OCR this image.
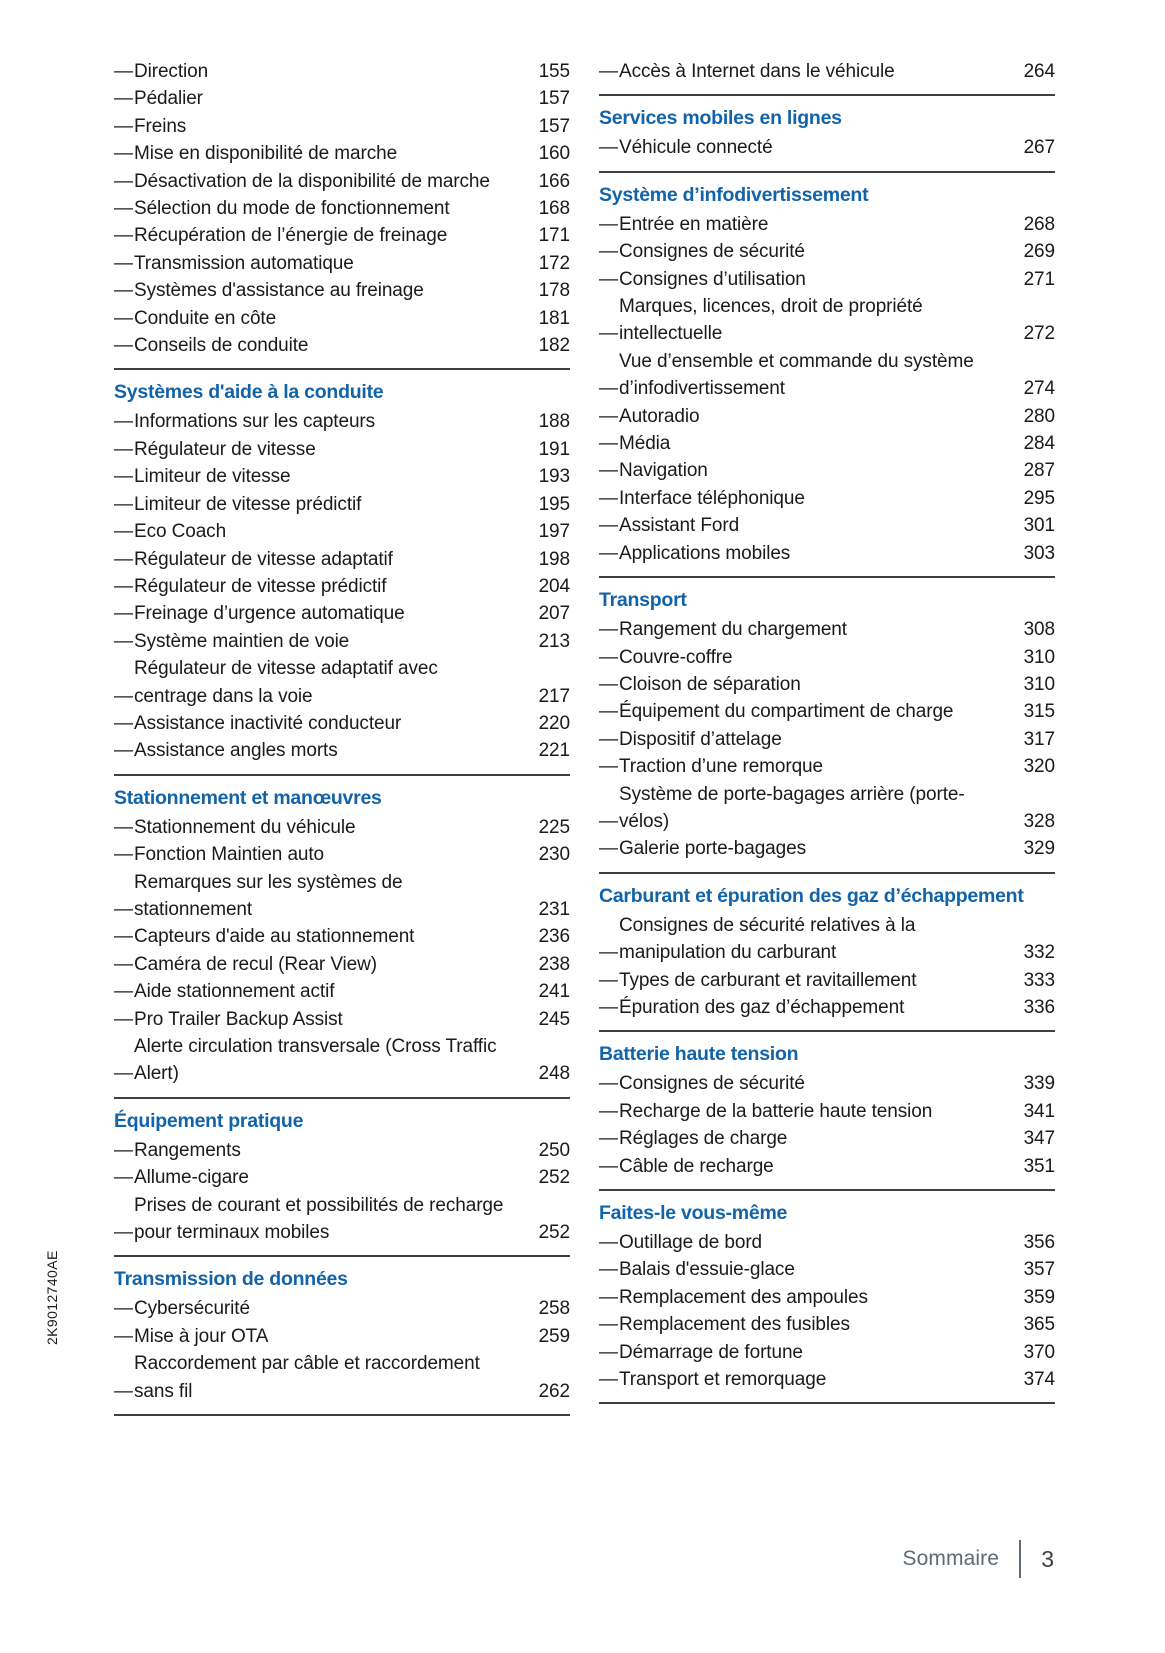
2K9012740AE
— Direction	155
— Pédalier	157
— Freins	157
— Mise en disponibilité de marche	160
— Désactivation de la disponibilité de marche	166
— Sélection du mode de fonctionnement	168
— Récupération de l’énergie de freinage	171
— Transmission automatique	172
— Systèmes d'assistance au freinage	178
— Conduite en côte	181
— Conseils de conduite	182
Systèmes d'aide à la conduite
— Informations sur les capteurs	188
— Régulateur de vitesse	191
— Limiteur de vitesse	193
— Limiteur de vitesse prédictif	195
— Eco Coach	197
— Régulateur de vitesse adaptatif	198
— Régulateur de vitesse prédictif	204
— Freinage d’urgence automatique	207
— Système maintien de voie	213
—
Régulateur de vitesse adaptatif avec centrage dans la voie	217
— Assistance inactivité conducteur	220
— Assistance angles morts	221
Stationnement et manœuvres
— Stationnement du véhicule	225
— Fonction Maintien auto	230
—
Remarques sur les systèmes de stationnement	231
— Capteurs d'aide au stationnement	236
— Caméra de recul (Rear View)	238
— Aide stationnement actif	241
— Pro Trailer Backup Assist	245
—
Alerte circulation transversale (Cross Traffic Alert)	248
Équipement pratique
— Rangements	250
— Allume-cigare	252
—
Prises de courant et possibilités de recharge pour terminaux mobiles	252
Transmission de données
— Cybersécurité	258
— Mise à jour OTA	259
—
Raccordement par câble et raccordement sans fil	262
— Accès à Internet dans le véhicule	264
Services mobiles en lignes
— Véhicule connecté	267
Système d’infodivertissement
— Entrée en matière	268
— Consignes de sécurité	269
— Consignes d’utilisation	271
—
Marques, licences, droit de propriété intellectuelle	272
—
Vue d’ensemble et commande du système d’infodivertissement	274
— Autoradio	280
— Média	284
— Navigation	287
— Interface téléphonique	295
— Assistant Ford	301
— Applications mobiles	303
Transport
— Rangement du chargement	308
— Couvre-coffre	310
— Cloison de séparation	310
— Équipement du compartiment de charge	315
— Dispositif d’attelage	317
— Traction d’une remorque	320
—
Système de porte-bagages arrière (porte-vélos)	328
— Galerie porte-bagages	329
Carburant et épuration des gaz d’échappement
—
Consignes de sécurité relatives à la manipulation du carburant	332
— Types de carburant et ravitaillement	333
— Épuration des gaz d’échappement	336
Batterie haute tension
— Consignes de sécurité	339
— Recharge de la batterie haute tension	341
— Réglages de charge	347
— Câble de recharge	351
Faites-le vous-même
— Outillage de bord	356
— Balais d'essuie-glace	357
— Remplacement des ampoules	359
— Remplacement des fusibles	365
— Démarrage de fortune	370
— Transport et remorquage	374
Sommaire	3
